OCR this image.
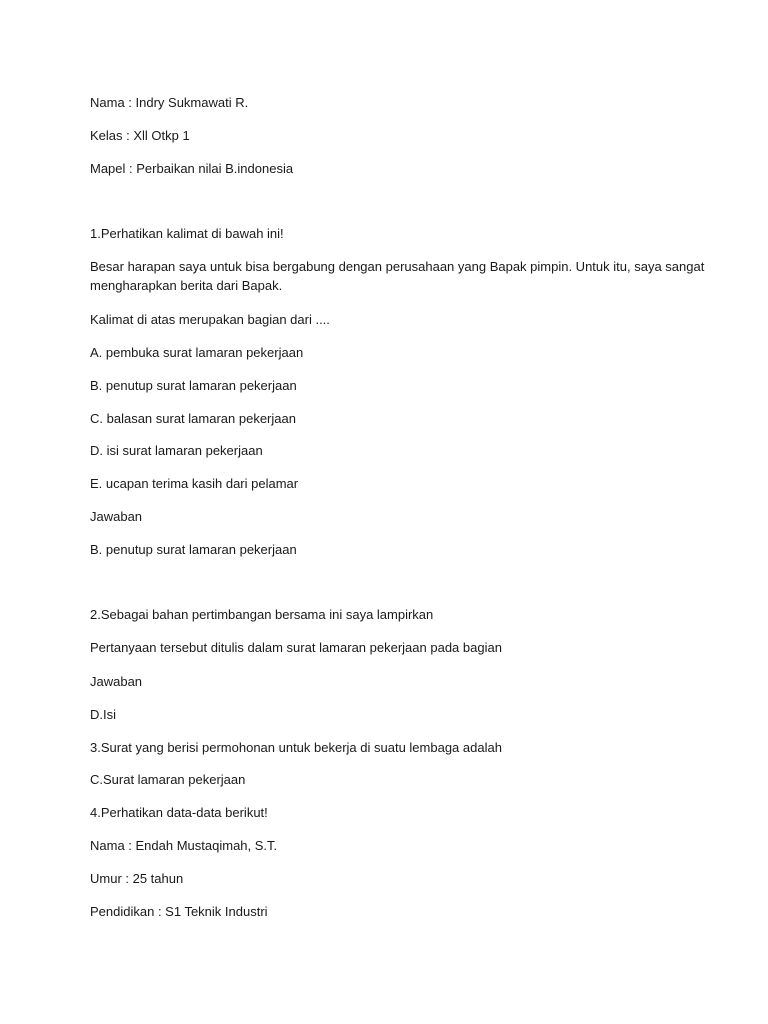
Nama : Indry Sukmawati R.
Kelas : Xll Otkp 1
Mapel : Perbaikan nilai B.indonesia
1.Perhatikan kalimat di bawah ini!
Besar harapan saya untuk bisa bergabung dengan perusahaan yang Bapak pimpin. Untuk itu, saya sangat
mengharapkan berita dari Bapak.
Kalimat di atas merupakan bagian dari ....
A. pembuka surat lamaran pekerjaan
B. penutup surat lamaran pekerjaan
C. balasan surat lamaran pekerjaan
D. isi surat lamaran pekerjaan
E. ucapan terima kasih dari pelamar
Jawaban
B. penutup surat lamaran pekerjaan
2.Sebagai bahan pertimbangan bersama ini saya lampirkan
Pertanyaan tersebut ditulis dalam surat lamaran pekerjaan pada bagian
Jawaban
D.Isi
3.Surat yang berisi permohonan untuk bekerja di suatu lembaga adalah
C.Surat lamaran pekerjaan
4.Perhatikan data-data berikut!
Nama : Endah Mustaqimah, S.T.
Umur : 25 tahun
Pendidikan : S1 Teknik Industri
